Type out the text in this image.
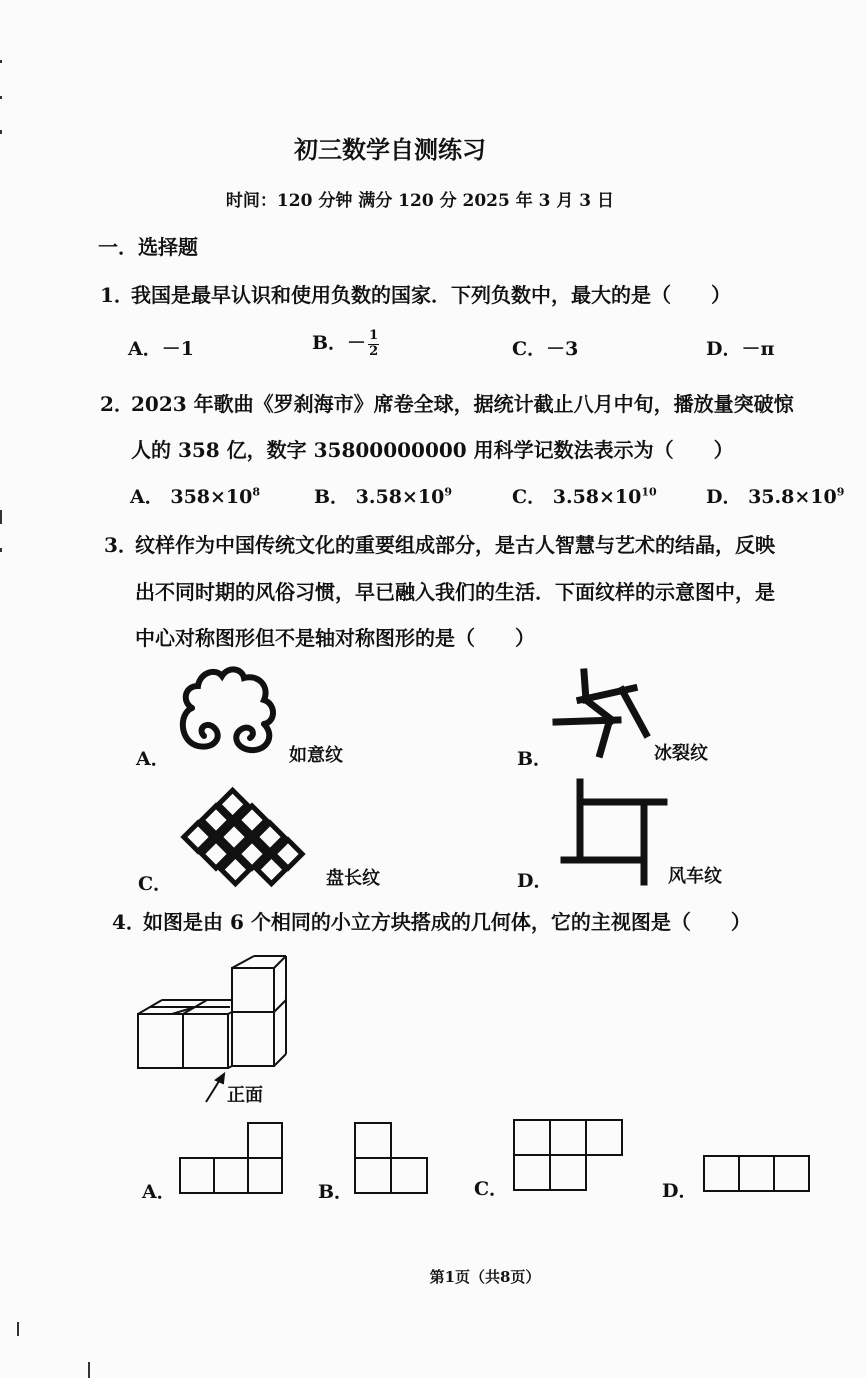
初三数学自测练习
时间：120 分钟 满分 120 分 2025 年 3 月 3 日
一．选择题
1．
我国是最早认识和使用负数的国家．下列负数中，最大的是（　　）
A．－1	B．－ $\frac{1}{2}$	C．－3	D．－π
2．
2023 年歌曲《罗刹海市》席卷全球，据统计截止八月中旬，播放量突破惊
人的 358 亿，数字 35800000000 用科学记数法表示为（　　）
A． $358\times 10^8$	B． $3.58\times 10^9$	C． $3.58\times 10^{10}$	D． $35.8\times 10^9$
3．
纹样作为中国传统文化的重要组成部分，是古人智慧与艺术的结晶，反映
出不同时期的风俗习惯，早已融入我们的生活．下面纹样的示意图中，是
中心对称图形但不是轴对称图形的是（　　）
A．	如意纹	B．	冰裂纹
C．	盘长纹	D．	风车纹
4．
如图是由 6 个相同的小立方块搭成的几何体，它的主视图是（　　）
正面
A．	B．	C．	D．
第1页（共8页）
